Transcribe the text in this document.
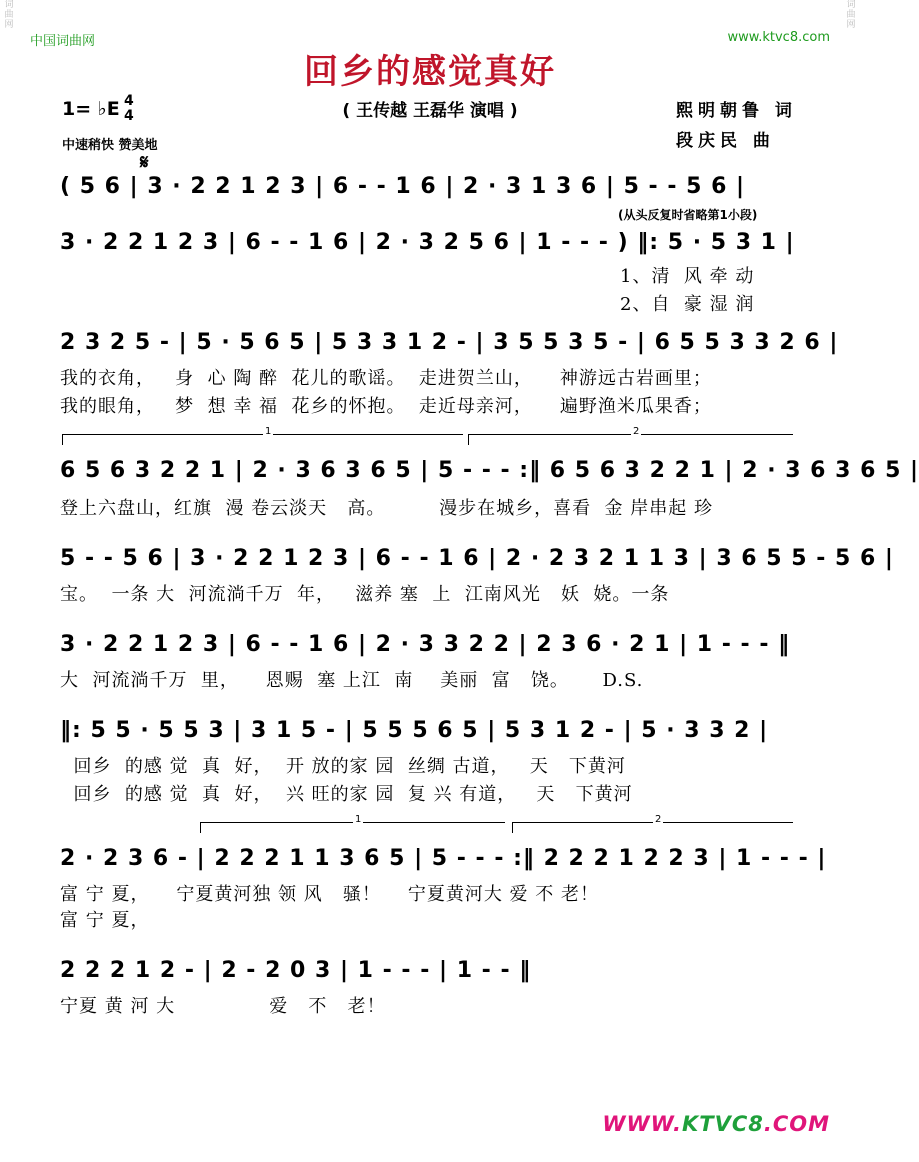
词
曲
网
词
曲
网
中国词曲网	www.ktvc8.com
回乡的感觉真好
( 王传越 王磊华 演唱 )
1= ♭E 4
4
中速稍快 赞美地
𝄋
熙明朝鲁 词
段庆民 曲
( 5 6 | 3 · 2 2 1 2 3 | 6 - - 1 6 | 2 · 3 1 3 6 | 5 - - 5 6 |
(从头反复时省略第1小段)
3 · 2 2 1 2 3 | 6 - - 1 6 | 2 · 3 2 5 6 | 1 - - - ) ‖: 5 · 5 3 1 |
1、清  风 牵 动
2、自  豪 湿 润
2 3 2 5 - | 5 · 5 6 5 | 5 3 3 1 2 - | 3 5 5 3 5 - | 6 5 5 3 3 2 6 |
我的衣角，   身  心 陶 醉  花儿的歌谣。  走进贺兰山，    神游远古岩画里；
我的眼角，   梦  想 幸 福  花乡的怀抱。  走近母亲河，    遍野渔米瓜果香；
1	2
6 5 6 3 2 2 1 | 2 · 3 6 3 6 5 | 5 - - - :‖ 6 5 6 3 2 2 1 | 2 · 3 6 3 6 5 |
登上六盘山，红旗  漫 卷云淡天   高。        漫步在城乡，喜看  金 岸串起 珍
5 - - 5 6 | 3 · 2 2 1 2 3 | 6 - - 1 6 | 2 · 2 3 2 1 1 3 | 3 6 5 5 - 5 6 |
宝。  一条 大  河流淌千万  年，   滋养 塞  上  江南风光   妖  娆。一条
3 · 2 2 1 2 3 | 6 - - 1 6 | 2 · 3 3 2 2 | 2 3 6 · 2 1 | 1 - - - ‖
大  河流淌千万  里，    恩赐  塞 上江  南    美丽  富   饶。     D.S.
‖: 5 5 · 5 5 3 | 3 1 5 - | 5 5 5 6 5 | 5 3 1 2 - | 5 · 3 3 2 |
回乡  的感 觉  真  好，  开 放的家 园  丝绸 古道，   天   下黄河
回乡  的感 觉  真  好，  兴 旺的家 园  复 兴 有道，   天   下黄河
1	2
2 · 2 3 6 - | 2 2 2 1 1 3 6 5 | 5 - - - :‖ 2 2 2 1 2 2 3 | 1 - - - |
富 宁 夏，    宁夏黄河独 领 风   骚！    宁夏黄河大 爱 不 老！
富 宁 夏，
2 2 2 1 2 - | 2 - 2 0 3 | 1 - - - | 1 - - ‖
宁夏 黄 河 大              爱   不   老！
WWW.KTVC8.COM
